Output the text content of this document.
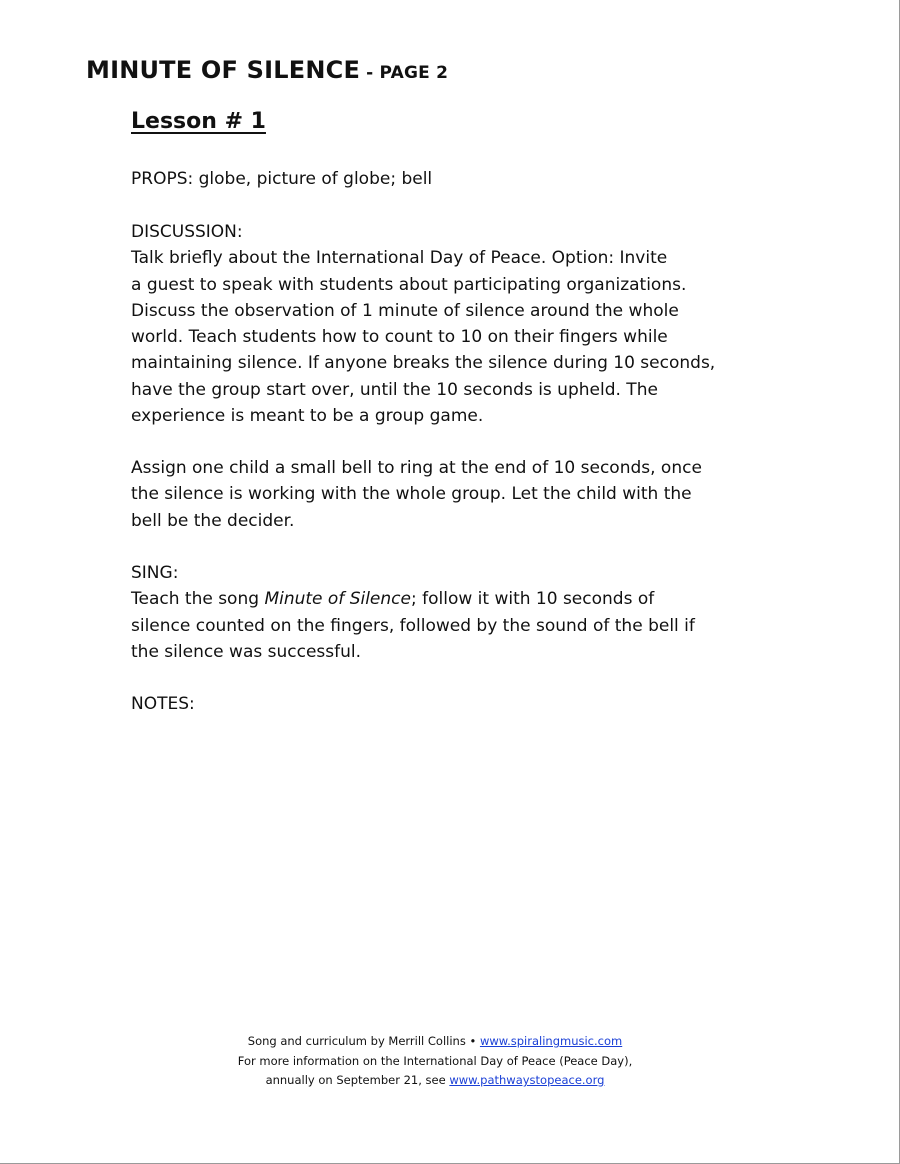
MINUTE OF SILENCE - PAGE 2
Lesson # 1
PROPS: globe, picture of globe; bell
DISCUSSION:
Talk briefly about the International Day of Peace. Option: Invite
a guest to speak with students about participating organizations.
Discuss the observation of 1 minute of silence around the whole
world. Teach students how to count to 10 on their fingers while
maintaining silence. If anyone breaks the silence during 10 seconds,
have the group start over, until the 10 seconds is upheld. The
experience is meant to be a group game.
Assign one child a small bell to ring at the end of 10 seconds, once
the silence is working with the whole group. Let the child with the
bell be the decider.
SING:
Teach the song Minute of Silence; follow it with 10 seconds of
silence counted on the fingers, followed by the sound of the bell if
the silence was successful.
NOTES:
Song and curriculum by Merrill Collins • www.spiralingmusic.com
For more information on the International Day of Peace (Peace Day),
annually on September 21, see www.pathwaystopeace.org
